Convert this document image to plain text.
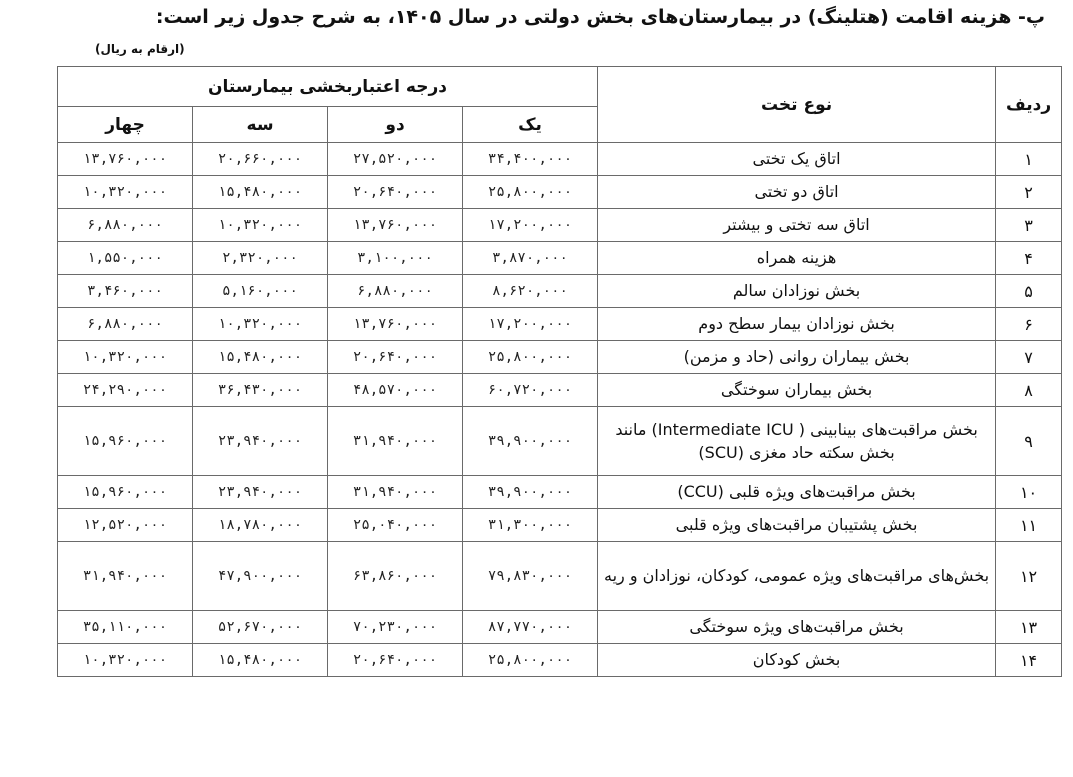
پ- هزینه اقامت (هتلینگ) در بیمارستان‌های بخش دولتی در سال ۱۴۰۵، به شرح جدول زیر است:
(ارقام به ریال)
ردیف	نوع تخت	درجه اعتباربخشی بیمارستان			
		یک	دو	سه	چهار
۱	اتاق یک تختی	۳۴,۴۰۰,۰۰۰	۲۷,۵۲۰,۰۰۰	۲۰,۶۶۰,۰۰۰	۱۳,۷۶۰,۰۰۰
۲	اتاق دو تختی	۲۵,۸۰۰,۰۰۰	۲۰,۶۴۰,۰۰۰	۱۵,۴۸۰,۰۰۰	۱۰,۳۲۰,۰۰۰
۳	اتاق سه تختی و بیشتر	۱۷,۲۰۰,۰۰۰	۱۳,۷۶۰,۰۰۰	۱۰,۳۲۰,۰۰۰	۶,۸۸۰,۰۰۰
۴	هزینه همراه	۳,۸۷۰,۰۰۰	۳,۱۰۰,۰۰۰	۲,۳۲۰,۰۰۰	۱,۵۵۰,۰۰۰
۵	بخش نوزادان سالم	۸,۶۲۰,۰۰۰	۶,۸۸۰,۰۰۰	۵,۱۶۰,۰۰۰	۳,۴۶۰,۰۰۰
۶	بخش نوزادان بیمار سطح دوم	۱۷,۲۰۰,۰۰۰	۱۳,۷۶۰,۰۰۰	۱۰,۳۲۰,۰۰۰	۶,۸۸۰,۰۰۰
۷	بخش بیماران روانی (حاد و مزمن)	۲۵,۸۰۰,۰۰۰	۲۰,۶۴۰,۰۰۰	۱۵,۴۸۰,۰۰۰	۱۰,۳۲۰,۰۰۰
۸	بخش بیماران سوختگی	۶۰,۷۲۰,۰۰۰	۴۸,۵۷۰,۰۰۰	۳۶,۴۳۰,۰۰۰	۲۴,۲۹۰,۰۰۰
۹	بخش مراقبت‌های بینابینی ( Intermediate ICU) مانند بخش سکته حاد مغزی (SCU)	۳۹,۹۰۰,۰۰۰	۳۱,۹۴۰,۰۰۰	۲۳,۹۴۰,۰۰۰	۱۵,۹۶۰,۰۰۰
۱۰	بخش مراقبت‌های ویژه قلبی (CCU)	۳۹,۹۰۰,۰۰۰	۳۱,۹۴۰,۰۰۰	۲۳,۹۴۰,۰۰۰	۱۵,۹۶۰,۰۰۰
۱۱	بخش پشتیبان مراقبت‌های ویژه قلبی	۳۱,۳۰۰,۰۰۰	۲۵,۰۴۰,۰۰۰	۱۸,۷۸۰,۰۰۰	۱۲,۵۲۰,۰۰۰
۱۲	بخش‌های مراقبت‌های ویژه عمومی، کودکان، نوزادان و ریه	۷۹,۸۳۰,۰۰۰	۶۳,۸۶۰,۰۰۰	۴۷,۹۰۰,۰۰۰	۳۱,۹۴۰,۰۰۰
۱۳	بخش مراقبت‌های ویژه سوختگی	۸۷,۷۷۰,۰۰۰	۷۰,۲۳۰,۰۰۰	۵۲,۶۷۰,۰۰۰	۳۵,۱۱۰,۰۰۰
۱۴	بخش کودکان	۲۵,۸۰۰,۰۰۰	۲۰,۶۴۰,۰۰۰	۱۵,۴۸۰,۰۰۰	۱۰,۳۲۰,۰۰۰
